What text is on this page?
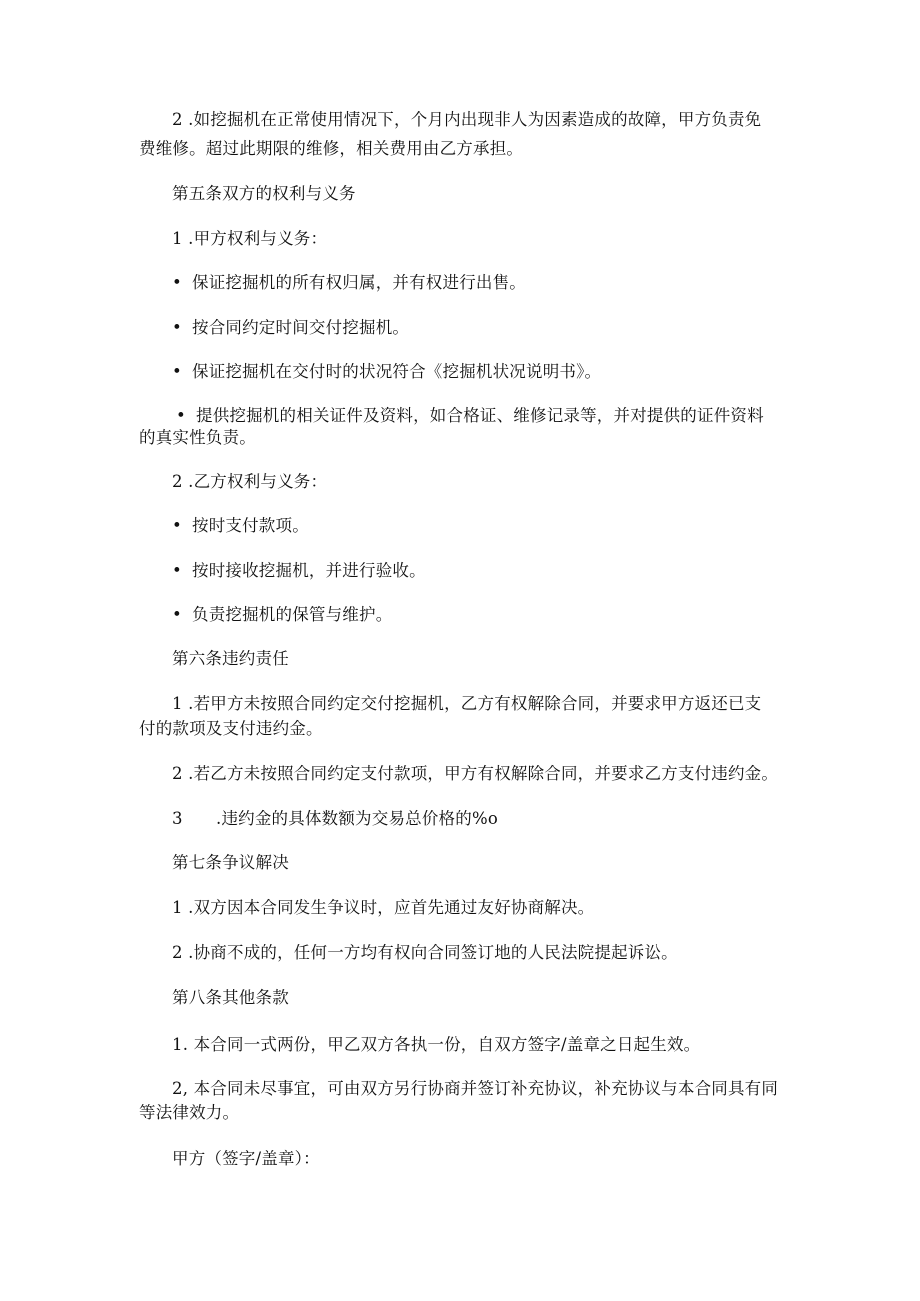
2 .如挖掘机在正常使用情况下，个月内出现非人为因素造成的故障，甲方负责免
费维修。超过此期限的维修，相关费用由乙方承担。
第五条双方的权利与义务
1 .甲方权利与义务：
• 保证挖掘机的所有权归属，并有权进行出售。
• 按合同约定时间交付挖掘机。
• 保证挖掘机在交付时的状况符合《挖掘机状况说明书》。
• 提供挖掘机的相关证件及资料，如合格证、维修记录等，并对提供的证件资料
的真实性负责。
2 .乙方权利与义务：
• 按时支付款项。
• 按时接收挖掘机，并进行验收。
• 负责挖掘机的保管与维护。
第六条违约责任
1 .若甲方未按照合同约定交付挖掘机，乙方有权解除合同，并要求甲方返还已支
付的款项及支付违约金。
2 .若乙方未按照合同约定支付款项，甲方有权解除合同，并要求乙方支付违约金。
3 .违约金的具体数额为交易总价格的%o
第七条争议解决
1 .双方因本合同发生争议时，应首先通过友好协商解决。
2 .协商不成的，任何一方均有权向合同签订地的人民法院提起诉讼。
第八条其他条款
1. 本合同一式两份，甲乙双方各执一份，自双方签字/盖章之日起生效。
2, 本合同未尽事宜，可由双方另行协商并签订补充协议，补充协议与本合同具有同
等法律效力。
甲方（签字/盖章）：
